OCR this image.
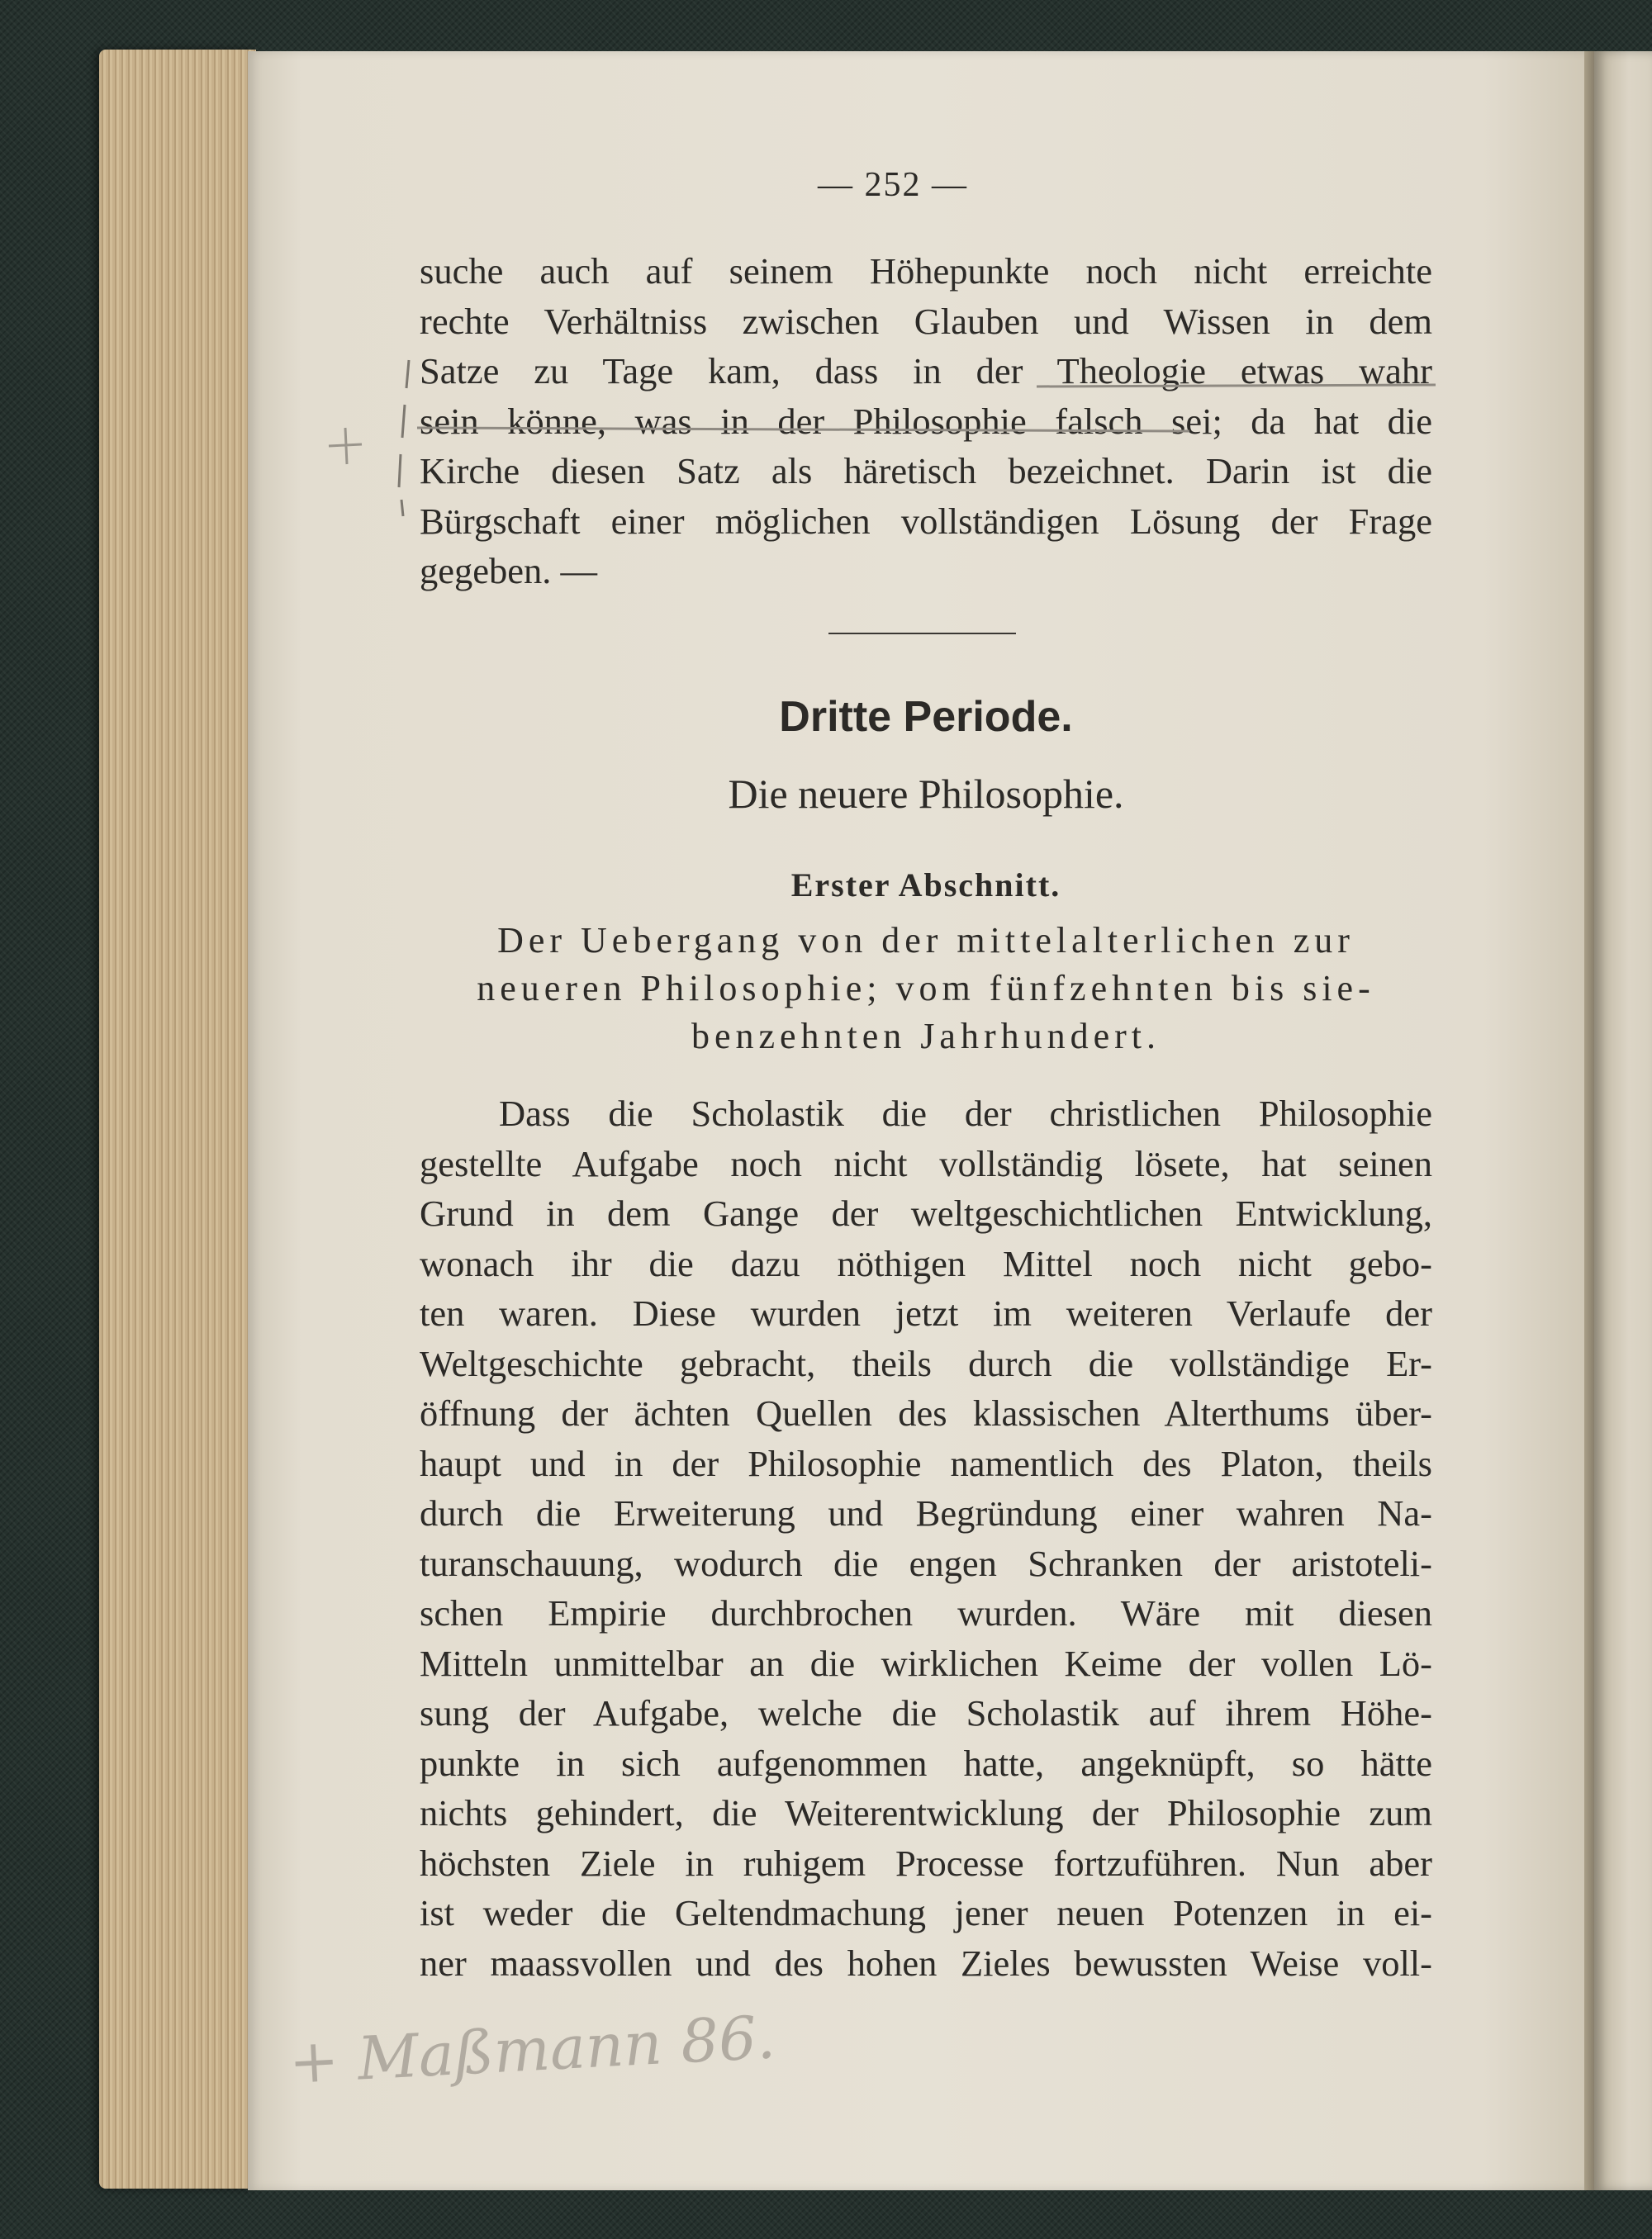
— 252 —
suche auch auf seinem Höhepunkte noch nicht erreichte
rechte Verhältniss zwischen Glauben und Wissen in dem
Satze zu Tage kam, dass in der Theologie etwas wahr
sein könne, was in der Philosophie falsch sei; da hat die
Kirche diesen Satz als häretisch bezeichnet. Darin ist die
Bürgschaft einer möglichen vollständigen Lösung der Frage
gegeben. —
Dritte Periode.
Die neuere Philosophie.
Erster Abschnitt.
Der Uebergang von der mittelalterlichen zur
neueren Philosophie; vom fünfzehnten bis sie-
benzehnten Jahrhundert.
Dass die Scholastik die der christlichen Philosophie
gestellte Aufgabe noch nicht vollständig lösete, hat seinen
Grund in dem Gange der weltgeschichtlichen Entwicklung,
wonach ihr die dazu nöthigen Mittel noch nicht gebo-
ten waren. Diese wurden jetzt im weiteren Verlaufe der
Weltgeschichte gebracht, theils durch die vollständige Er-
öffnung der ächten Quellen des klassischen Alterthums über-
haupt und in der Philosophie namentlich des Platon, theils
durch die Erweiterung und Begründung einer wahren Na-
turanschauung, wodurch die engen Schranken der aristoteli-
schen Empirie durchbrochen wurden. Wäre mit diesen
Mitteln unmittelbar an die wirklichen Keime der vollen Lö-
sung der Aufgabe, welche die Scholastik auf ihrem Höhe-
punkte in sich aufgenommen hatte, angeknüpft, so hätte
nichts gehindert, die Weiterentwicklung der Philosophie zum
höchsten Ziele in ruhigem Processe fortzuführen. Nun aber
ist weder die Geltendmachung jener neuen Potenzen in ei-
ner maassvollen und des hohen Zieles bewussten Weise voll-
+ Maßmann 86.
